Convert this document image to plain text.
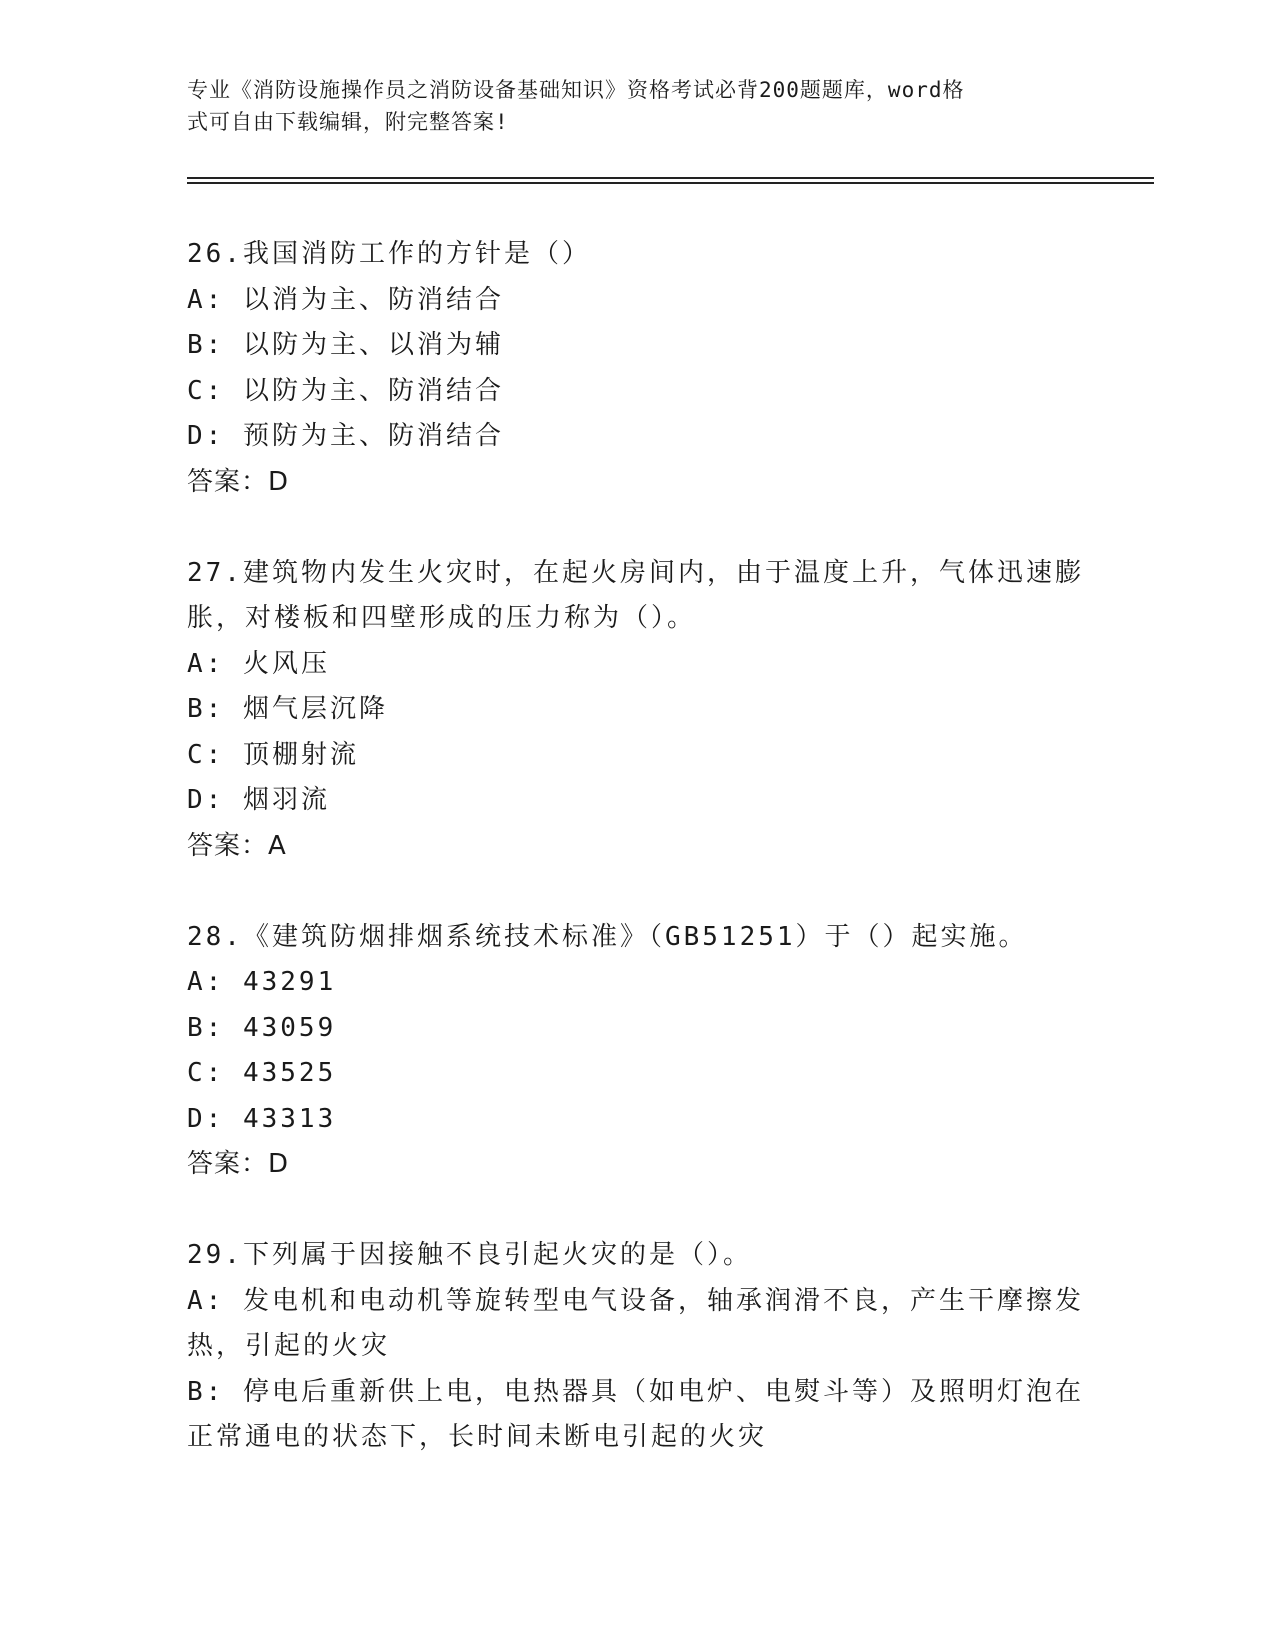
专业《消防设施操作员之消防设备基础知识》资格考试必背200题题库，word格
式可自由下载编辑，附完整答案!
26.我国消防工作的方针是（）
A: 以消为主、防消结合
B: 以防为主、以消为辅
C: 以防为主、防消结合
D: 预防为主、防消结合
答案：D
27.建筑物内发生火灾时，在起火房间内，由于温度上升，气体迅速膨
胀，对楼板和四壁形成的压力称为（）。
A: 火风压
B: 烟气层沉降
C: 顶棚射流
D: 烟羽流
答案：A
28.《建筑防烟排烟系统技术标准》（GB51251）于（）起实施。
A: 43291
B: 43059
C: 43525
D: 43313
答案：D
29.下列属于因接触不良引起火灾的是（）。
A: 发电机和电动机等旋转型电气设备，轴承润滑不良，产生干摩擦发
热，引起的火灾
B: 停电后重新供上电，电热器具（如电炉、电熨斗等）及照明灯泡在
正常通电的状态下，长时间未断电引起的火灾
